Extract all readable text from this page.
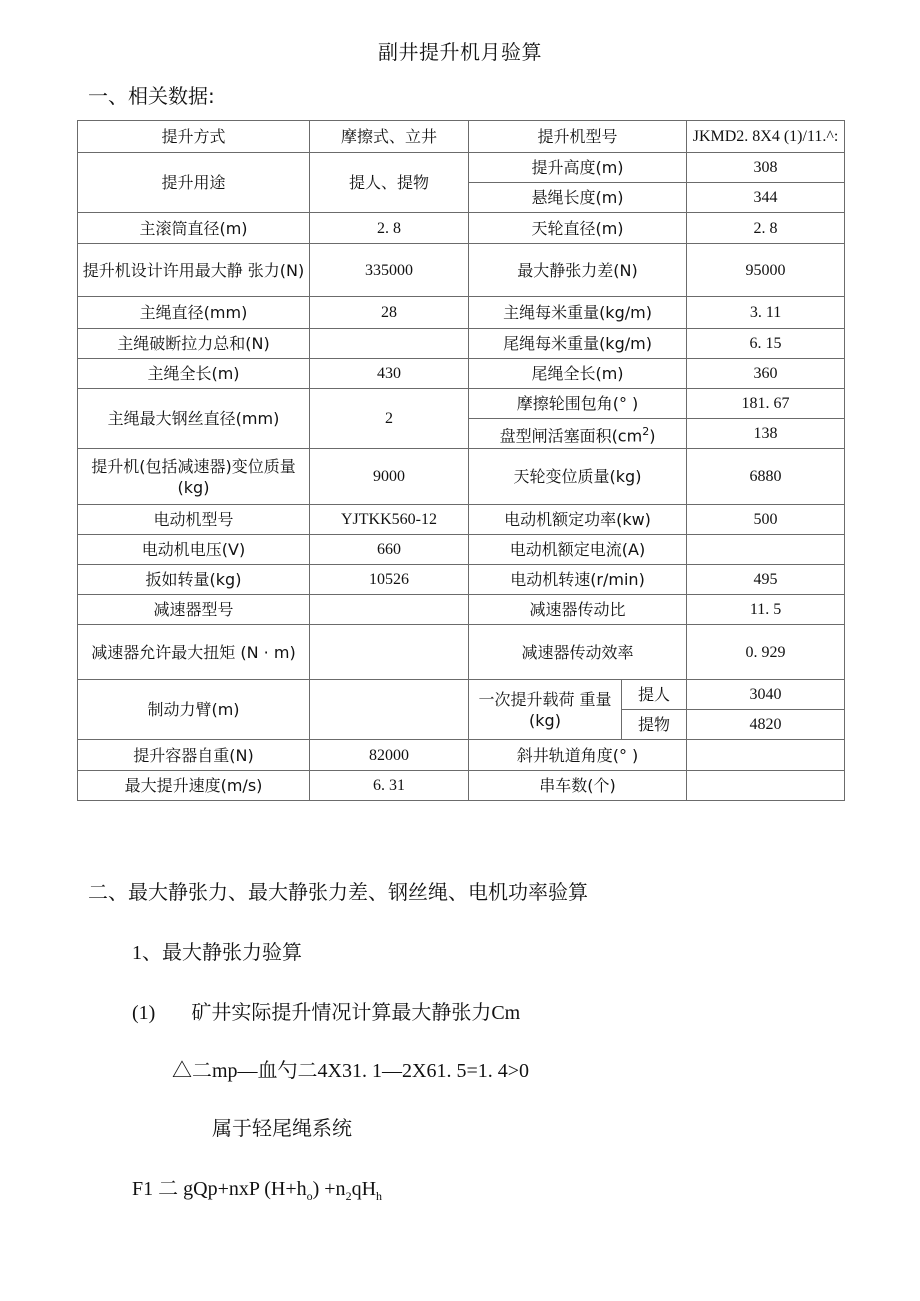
副井提升机月验算
一、相关数据:
提升方式	摩擦式、立井	提升机型号		JKMD2. 8X4 (1)/11.^:
提升用途	提人、提物	提升高度(m)		308
		悬绳长度(m)		344
主滚筒直径(m)	2. 8	天轮直径(m)		2. 8
提升机设计许用最大静 张力(N)	335000	最大静张力差(N)		95000
主绳直径(mm)	28	主绳每米重量(kg/m)		3. 11
主绳破断拉力总和(N)		尾绳每米重量(kg/m)		6. 15
主绳全长(m)	430	尾绳全长(m)		360
主绳最大钢丝直径(mm)	2	摩擦轮围包角(° )		181. 67
		盘型闸活塞面积$(cm^2)$		138
提升机(包括减速器)变位质量(kg)	9000	天轮变位质量(kg)		6880
电动机型号	YJTKK560-12	电动机额定功率(kw)		500
电动机电压(V)	660	电动机额定电流(A)		
扳如转量(kg)	10526	电动机转速(r/min)		495
减速器型号		减速器传动比		11. 5
减速器允许最大扭矩 (N · m)		减速器传动效率		0. 929
制动力臂(m)		一次提升载荷 重量(kg)	提人	3040
			提物	4820
提升容器自重(N)	82000	斜井轨道角度(° )		
最大提升速度(m/s)	6. 31	串车数(个)		
二、最大静张力、最大静张力差、钢丝绳、电机功率验算
1、最大静张力验算
(1) 矿井实际提升情况计算最大静张力Cm
△二mp—血勺二4X31. 1—2X61. 5=1. 4>0
属于轻尾绳系统
F1 二 gQp+nxP $(H+h_o) +n_2qH_h$
